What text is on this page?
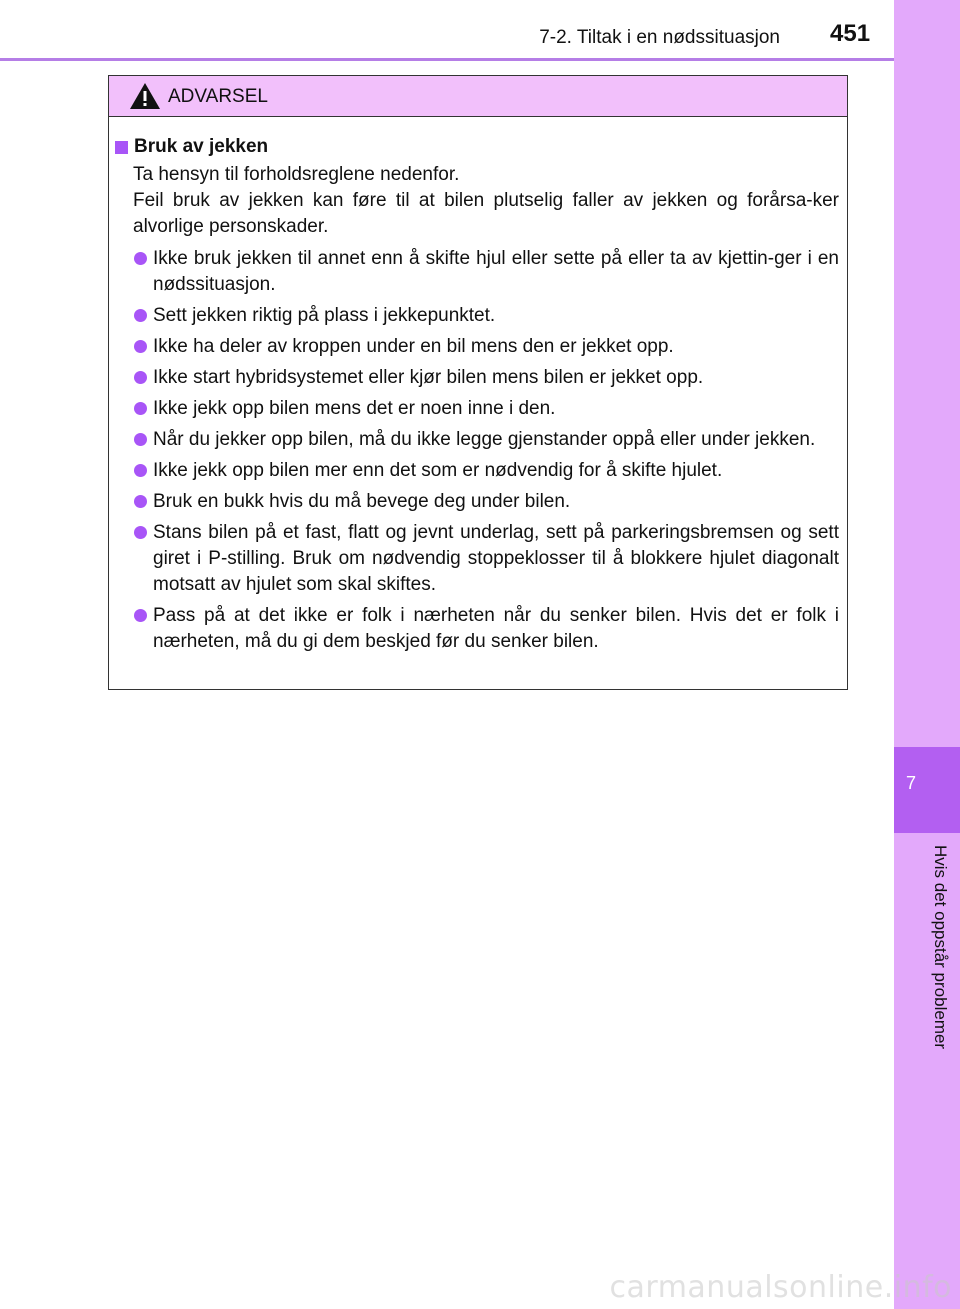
7-2. Tiltak i en nødssituasjon 451
7
Hvis det oppstår problemer
ADVARSEL
Bruk av jekken
Ta hensyn til forholdsreglene nedenfor.
Feil bruk av jekken kan føre til at bilen plutselig faller av jekken og forårsa-ker alvorlige personskader.
Ikke bruk jekken til annet enn å skifte hjul eller sette på eller ta av kjettin-ger i en nødssituasjon.
Sett jekken riktig på plass i jekkepunktet.
Ikke ha deler av kroppen under en bil mens den er jekket opp.
Ikke start hybridsystemet eller kjør bilen mens bilen er jekket opp.
Ikke jekk opp bilen mens det er noen inne i den.
Når du jekker opp bilen, må du ikke legge gjenstander oppå eller under jekken.
Ikke jekk opp bilen mer enn det som er nødvendig for å skifte hjulet.
Bruk en bukk hvis du må bevege deg under bilen.
Stans bilen på et fast, flatt og jevnt underlag, sett på parkeringsbremsen og sett giret i P-stilling. Bruk om nødvendig stoppeklosser til å blokkere hjulet diagonalt motsatt av hjulet som skal skiftes.
Pass på at det ikke er folk i nærheten når du senker bilen. Hvis det er folk i nærheten, må du gi dem beskjed før du senker bilen.
carmanualsonline.info
